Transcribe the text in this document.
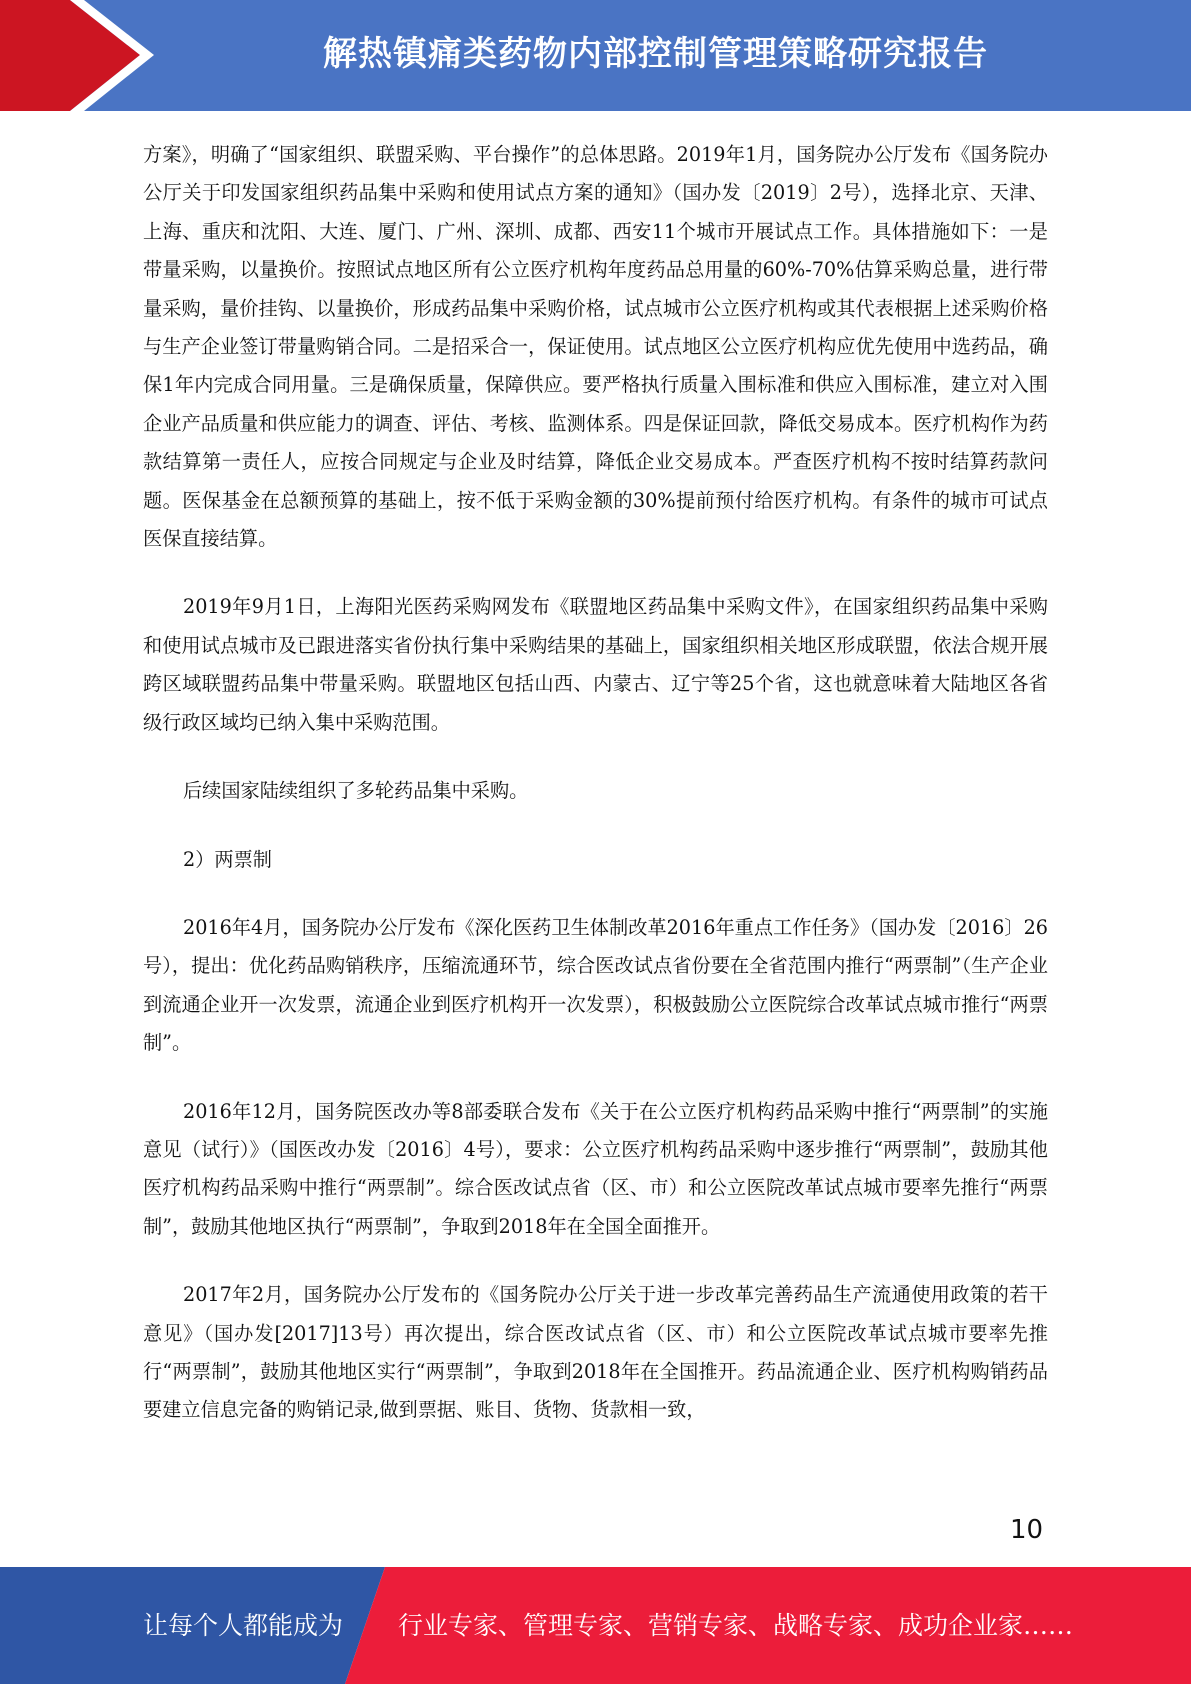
解热镇痛类药物内部控制管理策略研究报告

方案》，明确了“国家组织、联盟采购、平台操作”的总体思路。2019年1月，国务院办公厅发布《国务院办公厅关于印发国家组织药品集中采购和使用试点方案的通知》（国办发〔2019〕2号），选择北京、天津、上海、重庆和沈阳、大连、厦门、广州、深圳、成都、西安11个城市开展试点工作。具体措施如下：一是带量采购，以量换价。按照试点地区所有公立医疗机构年度药品总用量的60%-70%估算采购总量，进行带量采购，量价挂钩、以量换价，形成药品集中采购价格，试点城市公立医疗机构或其代表根据上述采购价格与生产企业签订带量购销合同。二是招采合一，保证使用。试点地区公立医疗机构应优先使用中选药品，确保1年内完成合同用量。三是确保质量，保障供应。要严格执行质量入围标准和供应入围标准，建立对入围企业产品质量和供应能力的调查、评估、考核、监测体系。四是保证回款，降低交易成本。医疗机构作为药款结算第一责任人，应按合同规定与企业及时结算，降低企业交易成本。严查医疗机构不按时结算药款问题。医保基金在总额预算的基础上，按不低于采购金额的30%提前预付给医疗机构。有条件的城市可试点医保直接结算。

2019年9月1日，上海阳光医药采购网发布《联盟地区药品集中采购文件》，在国家组织药品集中采购和使用试点城市及已跟进落实省份执行集中采购结果的基础上，国家组织相关地区形成联盟，依法合规开展跨区域联盟药品集中带量采购。联盟地区包括山西、内蒙古、辽宁等25个省，这也就意味着大陆地区各省级行政区域均已纳入集中采购范围。

后续国家陆续组织了多轮药品集中采购。

2）两票制

2016年4月，国务院办公厅发布《深化医药卫生体制改革2016年重点工作任务》（国办发〔2016〕26号），提出：优化药品购销秩序，压缩流通环节，综合医改试点省份要在全省范围内推行“两票制”（生产企业到流通企业开一次发票，流通企业到医疗机构开一次发票），积极鼓励公立医院综合改革试点城市推行“两票制”。

2016年12月，国务院医改办等8部委联合发布《关于在公立医疗机构药品采购中推行“两票制”的实施意见（试行）》（国医改办发〔2016〕4号），要求：公立医疗机构药品采购中逐步推行“两票制”，鼓励其他医疗机构药品采购中推行“两票制”。综合医改试点省（区、市）和公立医院改革试点城市要率先推行“两票制”，鼓励其他地区执行“两票制”，争取到2018年在全国全面推开。

2017年2月，国务院办公厅发布的《国务院办公厅关于进一步改革完善药品生产流通使用政策的若干意见》（国办发[2017]13号）再次提出，综合医改试点省（区、市）和公立医院改革试点城市要率先推行“两票制”，鼓励其他地区实行“两票制”，争取到2018年在全国推开。药品流通企业、医疗机构购销药品要建立信息完备的购销记录,做到票据、账目、货物、货款相一致，

10
让每个人都能成为 行业专家、管理专家、营销专家、战略专家、成功企业家……
